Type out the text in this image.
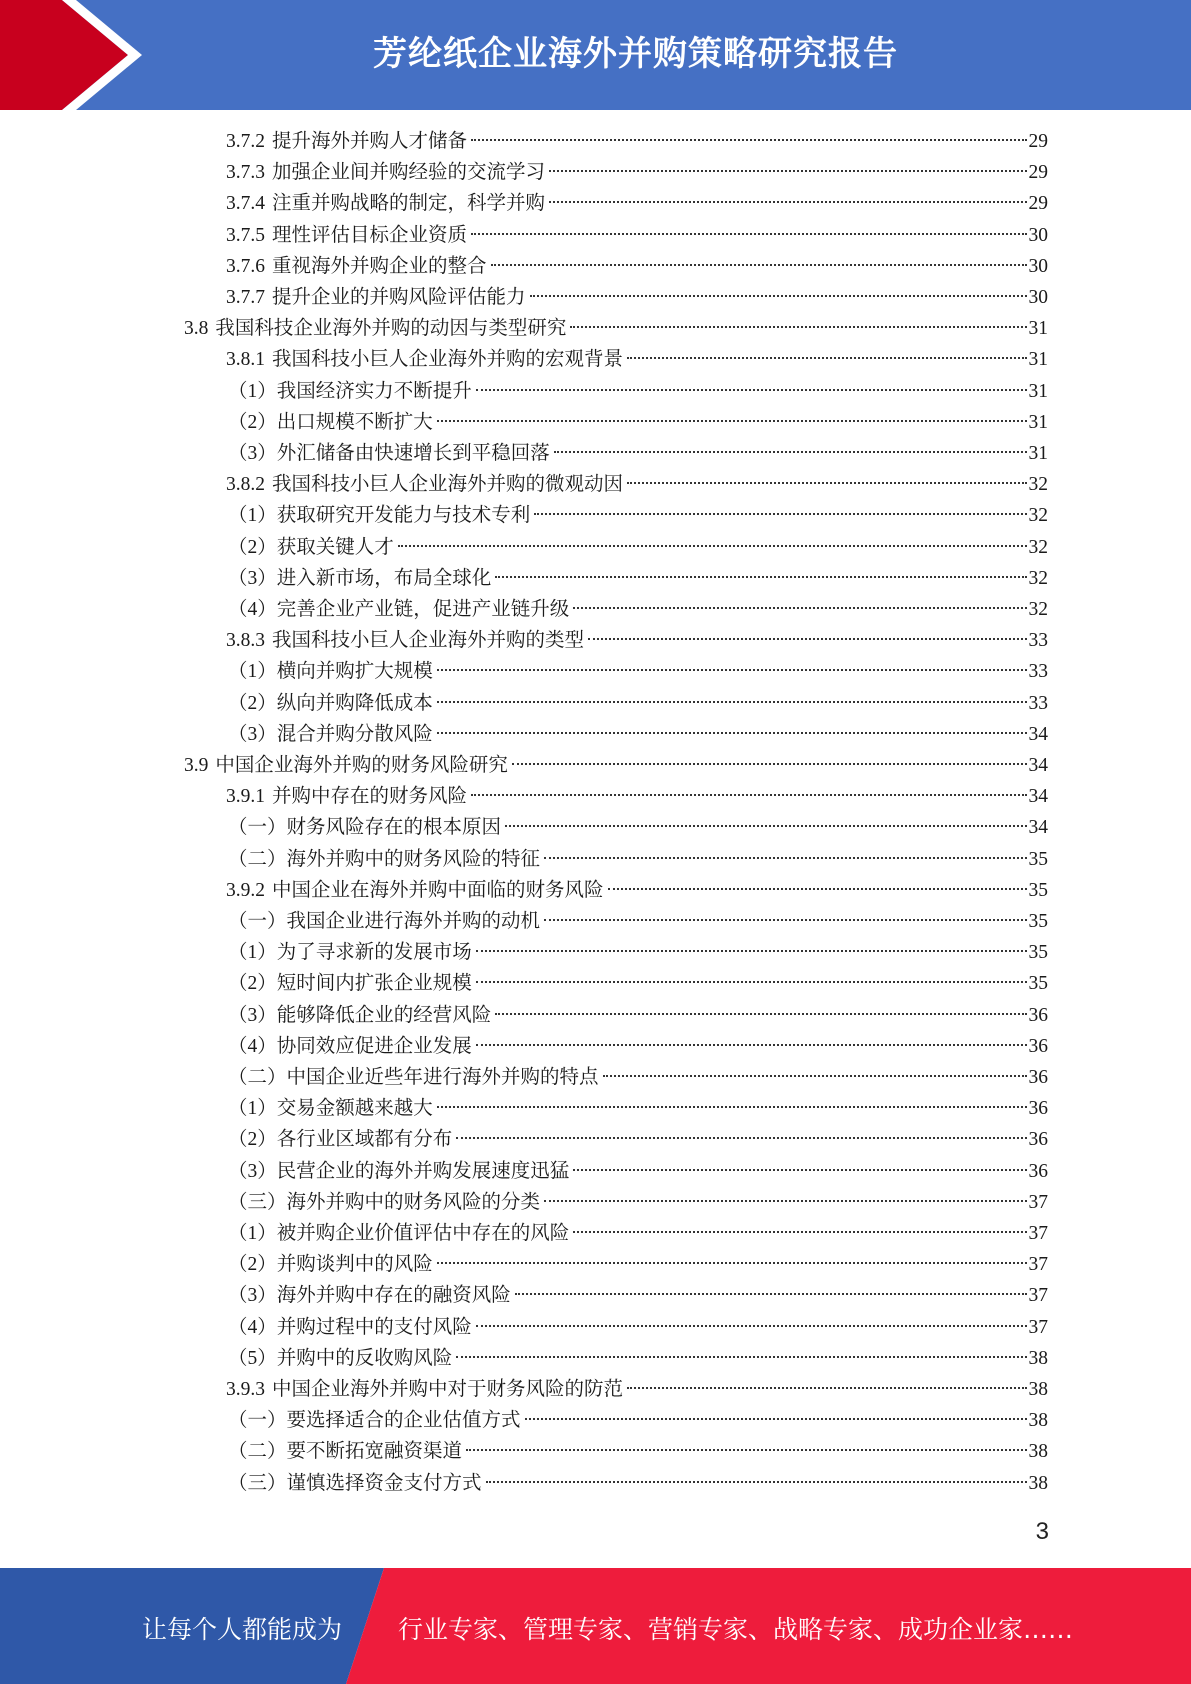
芳纶纸企业海外并购策略研究报告
3.7.2 提升海外并购人才储备	29
3.7.3 加强企业间并购经验的交流学习	29
3.7.4 注重并购战略的制定，科学并购	29
3.7.5 理性评估目标企业资质	30
3.7.6 重视海外并购企业的整合	30
3.7.7 提升企业的并购风险评估能力	30
3.8 我国科技企业海外并购的动因与类型研究	31
3.8.1 我国科技小巨人企业海外并购的宏观背景	31
（1）我国经济实力不断提升	31
（2）出口规模不断扩大	31
（3）外汇储备由快速增长到平稳回落	31
3.8.2 我国科技小巨人企业海外并购的微观动因	32
（1）获取研究开发能力与技术专利	32
（2）获取关键人才	32
（3）进入新市场，布局全球化	32
（4）完善企业产业链，促进产业链升级	32
3.8.3 我国科技小巨人企业海外并购的类型	33
（1）横向并购扩大规模	33
（2）纵向并购降低成本	33
（3）混合并购分散风险	34
3.9 中国企业海外并购的财务风险研究	34
3.9.1 并购中存在的财务风险	34
（一）财务风险存在的根本原因	34
（二）海外并购中的财务风险的特征	35
3.9.2 中国企业在海外并购中面临的财务风险	35
（一）我国企业进行海外并购的动机	35
（1）为了寻求新的发展市场	35
（2）短时间内扩张企业规模	35
（3）能够降低企业的经营风险	36
（4）协同效应促进企业发展	36
（二）中国企业近些年进行海外并购的特点	36
（1）交易金额越来越大	36
（2）各行业区域都有分布	36
（3）民营企业的海外并购发展速度迅猛	36
（三）海外并购中的财务风险的分类	37
（1）被并购企业价值评估中存在的风险	37
（2）并购谈判中的风险	37
（3）海外并购中存在的融资风险	37
（4）并购过程中的支付风险	37
（5）并购中的反收购风险	38
3.9.3 中国企业海外并购中对于财务风险的防范	38
（一）要选择适合的企业估值方式	38
（二）要不断拓宽融资渠道	38
（三）谨慎选择资金支付方式	38
3
让每个人都能成为 行业专家、管理专家、营销专家、战略专家、成功企业家……
